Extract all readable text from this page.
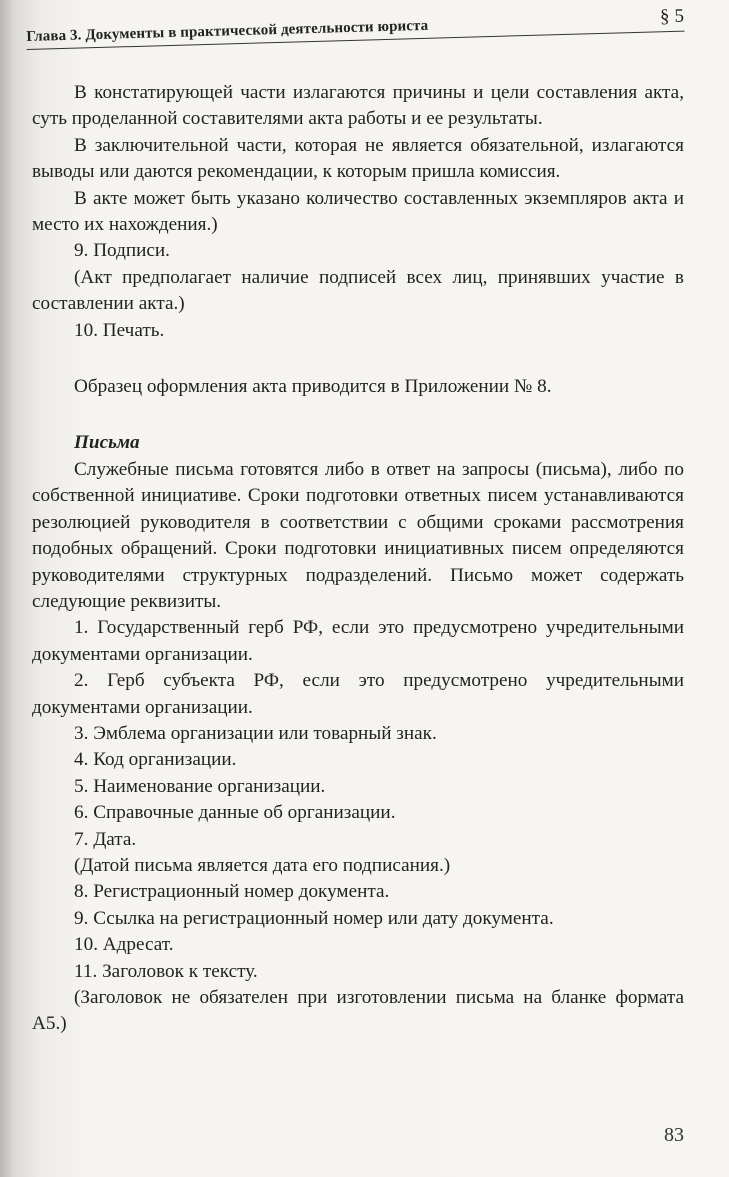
Глава 3. Документы в практической деятельности юриста
§ 5

В констатирующей части излагаются причины и цели составления акта, суть проделанной составителями акта работы и ее результаты.

В заключительной части, которая не является обязательной, излагаются выводы или даются рекомендации, к которым пришла комиссия.

В акте может быть указано количество составленных экземпляров акта и место их нахождения.)

9. Подписи.

(Акт предполагает наличие подписей всех лиц, принявших участие в составлении акта.)

10. Печать.

Образец оформления акта приводится в Приложении № 8.

Письма

Служебные письма готовятся либо в ответ на запросы (письма), либо по собственной инициативе. Сроки подготовки ответных писем устанавливаются резолюцией руководителя в соответствии с общими сроками рассмотрения подобных обращений. Сроки подготовки инициативных писем определяются руководителями структурных подразделений. Письмо может содержать следующие реквизиты.

1. Государственный герб РФ, если это предусмотрено учредительными документами организации.

2. Герб субъекта РФ, если это предусмотрено учредительными документами организации.

3. Эмблема организации или товарный знак.

4. Код организации.

5. Наименование организации.

6. Справочные данные об организации.

7. Дата.

(Датой письма является дата его подписания.)

8. Регистрационный номер документа.

9. Ссылка на регистрационный номер или дату документа.

10. Адресат.

11. Заголовок к тексту.

(Заголовок не обязателен при изготовлении письма на бланке формата А5.)

83
